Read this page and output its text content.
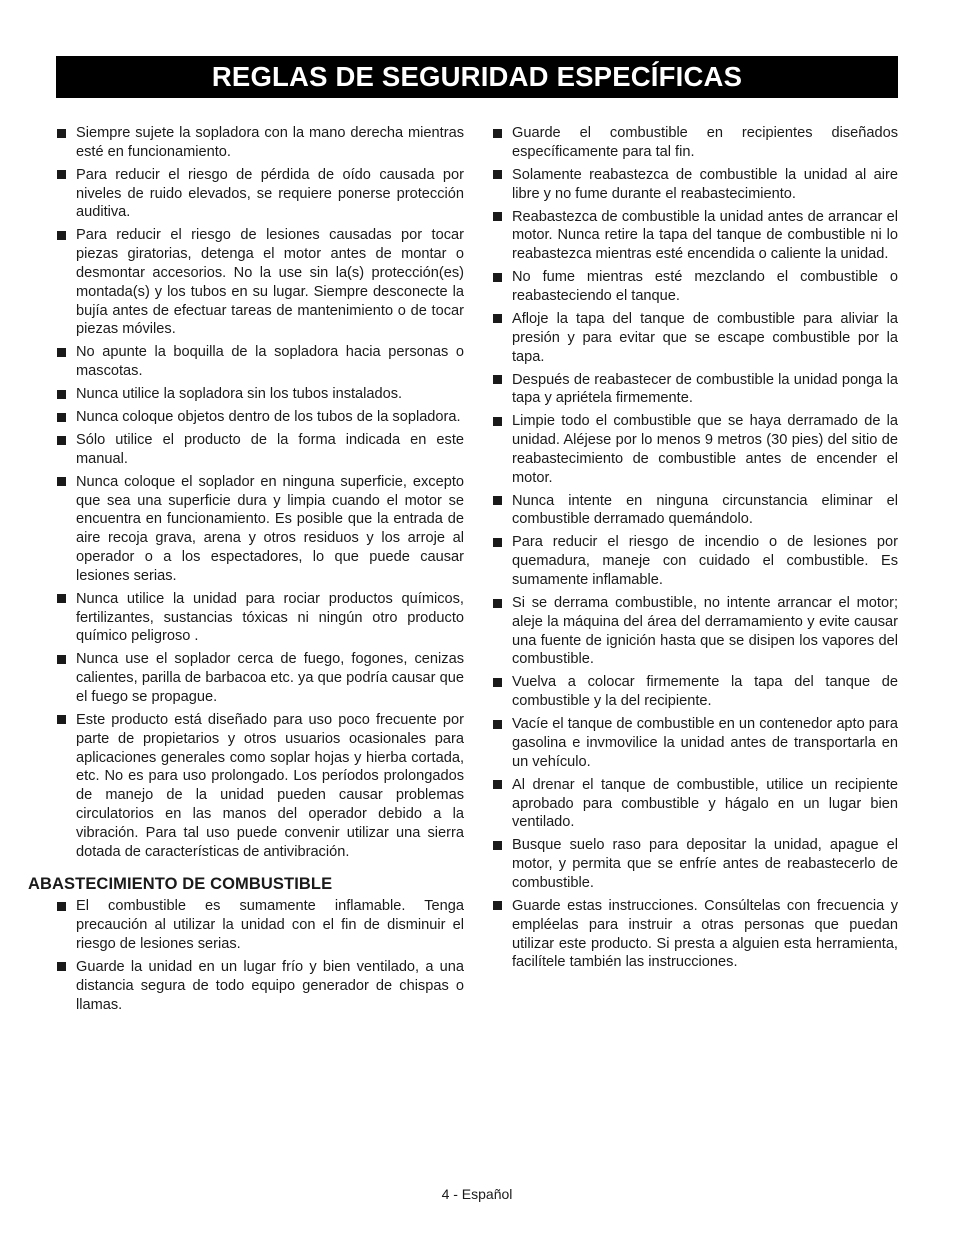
REGLAS DE SEGURIDAD ESPECÍFICAS
Siempre sujete la sopladora con la mano derecha mientras esté en funcionamiento.
Para reducir el riesgo de pérdida de oído causada por niveles de ruido elevados, se requiere ponerse protección auditiva.
Para reducir el riesgo de lesiones causadas por tocar piezas giratorias, detenga el motor antes de montar o desmontar accesorios. No la use sin la(s) protección(es) montada(s) y los tubos en su lugar. Siempre desconecte la bujía antes de efectuar tareas de mantenimiento o de tocar piezas móviles.
No apunte la boquilla de la sopladora hacia personas o mascotas.
Nunca utilice la sopladora sin los tubos instalados.
Nunca coloque objetos dentro de los tubos de la sopladora.
Sólo utilice el producto de la forma indicada en este manual.
Nunca coloque el soplador en ninguna superficie, excepto que sea una superficie dura y limpia cuando el motor se encuentra en funcionamiento. Es posible que la entrada de aire recoja grava, arena y otros residuos y los arroje al operador o a los espectadores, lo que puede causar lesiones serias.
Nunca utilice la unidad para rociar productos químicos, fertilizantes, sustancias tóxicas ni ningún otro producto químico peligroso .
Nunca use el soplador cerca de fuego, fogones, cenizas calientes, parilla de barbacoa etc. ya que podría causar que el fuego se propague.
Este producto está diseñado para uso poco frecuente por parte de propietarios y otros usuarios ocasionales para aplicaciones generales como soplar hojas y hierba cortada, etc. No es para uso prolongado. Los períodos prolongados de manejo de la unidad pueden causar problemas circulatorios en las manos del operador debido a la vibración. Para tal uso puede convenir utilizar una sierra dotada de características de antivibración.
ABASTECIMIENTO DE COMBUSTIBLE
El combustible es sumamente inflamable. Tenga precaución al utilizar la unidad con el fin de disminuir el riesgo de lesiones serias.
Guarde la unidad en un lugar frío y bien ventilado, a una distancia segura de todo equipo generador de chispas o llamas.
Guarde el combustible en recipientes diseñados específicamente para tal fin.
Solamente reabastezca de combustible la unidad al aire libre y no fume durante el reabastecimiento.
Reabastezca de combustible la unidad antes de arrancar el motor. Nunca retire la tapa del tanque de combustible ni lo reabastezca mientras esté encendida o caliente la unidad.
No fume mientras esté mezclando el combustible o reabasteciendo el tanque.
Afloje la tapa del tanque de combustible para aliviar la presión y para evitar que se escape combustible por la tapa.
Después de reabastecer de combustible la unidad ponga la tapa y apriétela firmemente.
Limpie todo el combustible que se haya derramado de la unidad. Aléjese por lo menos 9 metros (30 pies) del sitio de reabastecimiento de combustible antes de encender el motor.
Nunca intente en ninguna circunstancia eliminar el combustible derramado quemándolo.
Para reducir el riesgo de incendio o de lesiones por quemadura, maneje con cuidado el combustible. Es sumamente inflamable.
Si se derrama combustible, no intente arrancar el motor; aleje la máquina del área del derramamiento y evite causar una fuente de ignición hasta que se disipen los vapores del combustible.
Vuelva a colocar firmemente la tapa del tanque de combustible y la del recipiente.
Vacíe el tanque de combustible en un contenedor apto para gasolina e invmovilice la unidad antes de transportarla en un vehículo.
Al drenar el tanque de combustible, utilice un recipiente aprobado para combustible y hágalo en un lugar bien ventilado.
Busque suelo raso para depositar la unidad, apague el motor, y permita que se enfríe antes de reabastecerlo de combustible.
Guarde estas instrucciones. Consúltelas con frecuencia y empléelas para instruir a otras personas que puedan utilizar este producto. Si presta a alguien esta herramienta, facilítele también las instrucciones.
4 - Español
